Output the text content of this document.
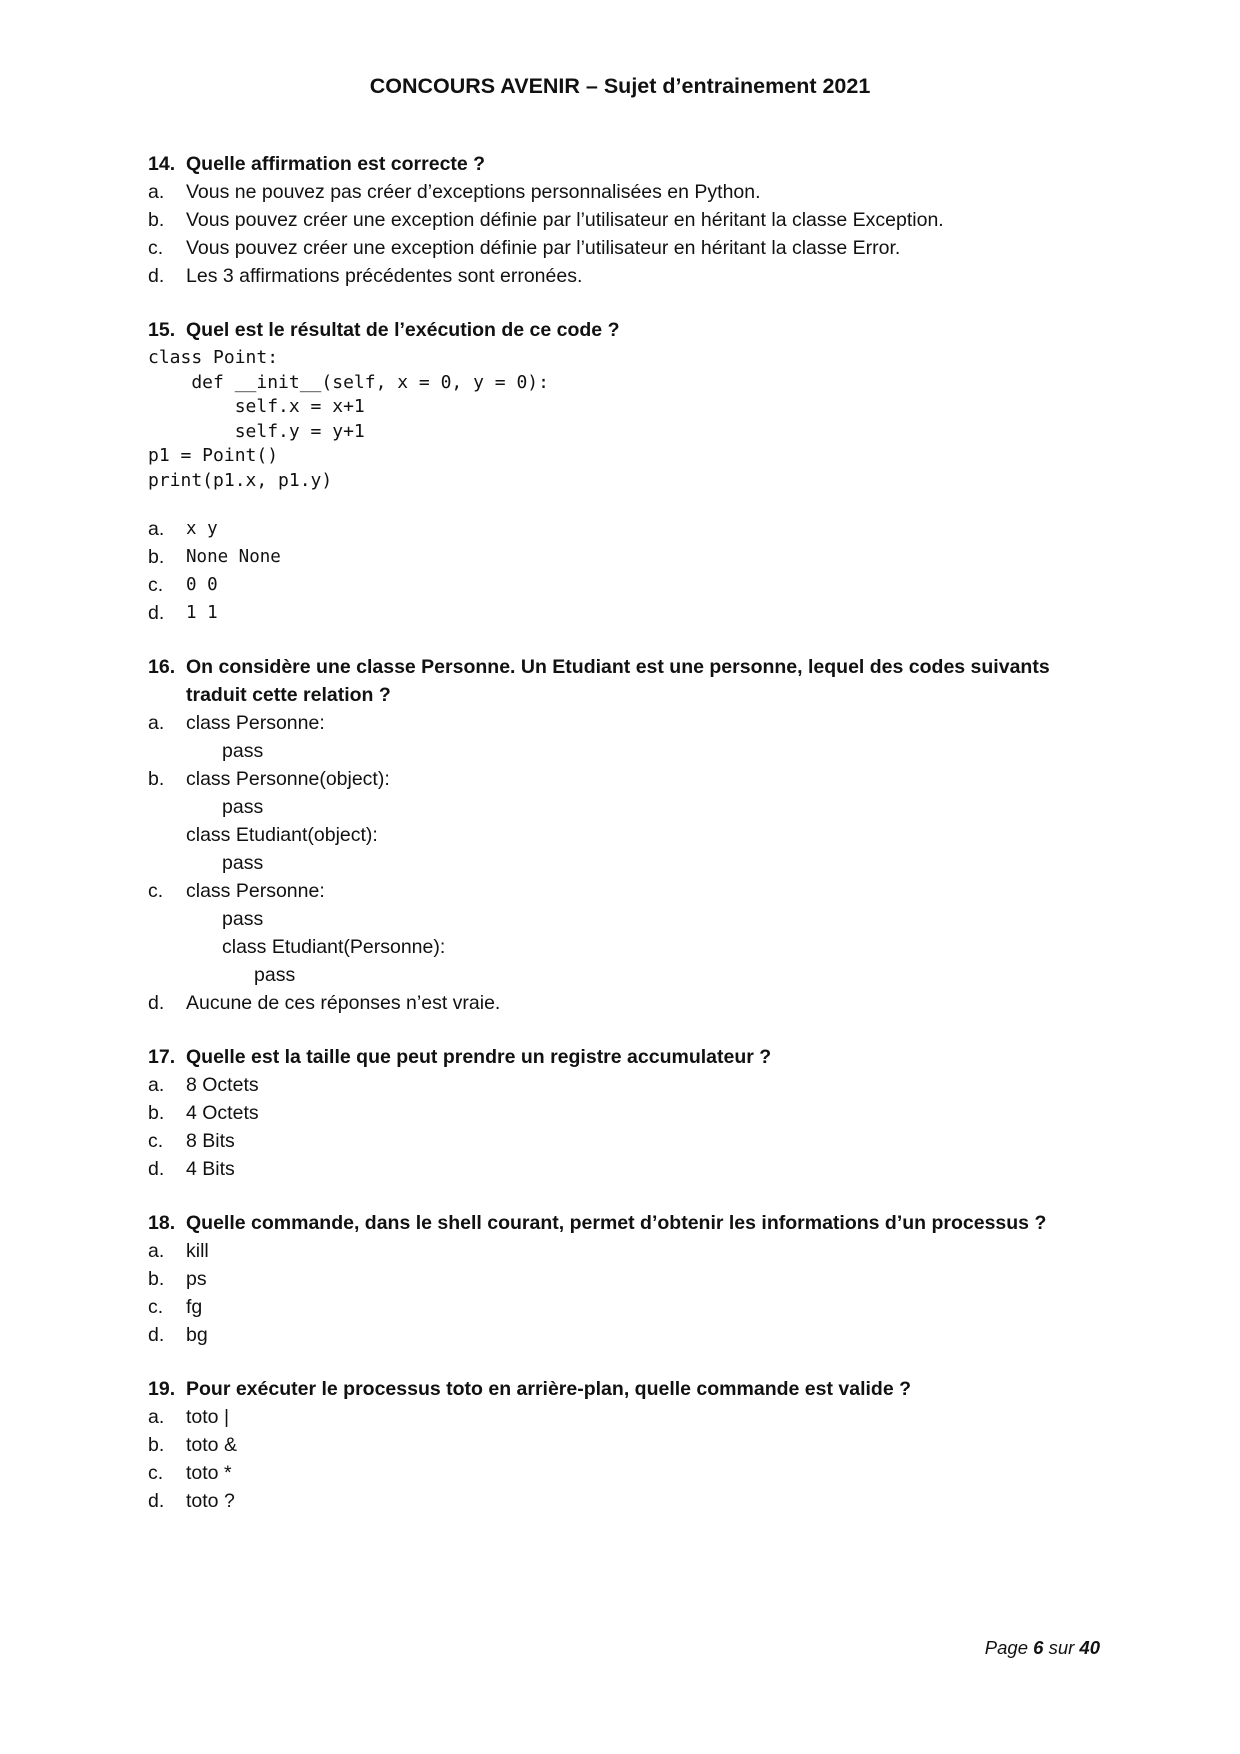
CONCOURS AVENIR – Sujet d’entrainement 2021
14. Quelle affirmation est correcte ?
a.	Vous ne pouvez pas créer d’exceptions personnalisées en Python.
b.	Vous pouvez créer une exception définie par l’utilisateur en héritant la classe Exception.
c.	Vous pouvez créer une exception définie par l’utilisateur en héritant la classe Error.
d.	Les 3 affirmations précédentes sont erronées.
15. Quel est le résultat de l’exécution de ce code ?
class Point:
def __init__(self, x = 0, y = 0):
self.x = x+1
self.y = y+1
p1 = Point()
print(p1.x, p1.y)
a.	x y
b.	None None
c.	0 0
d.	1 1
16. On considère une classe Personne. Un Etudiant est une personne, lequel des codes suivants traduit cette relation ?
a.	class Personne:
pass
b.	class Personne(object):
pass
class Etudiant(object):
pass
c.	class Personne:
pass
class Etudiant(Personne):
pass
d.	Aucune de ces réponses n’est vraie.
17. Quelle est la taille que peut prendre un registre accumulateur ?
a.	8 Octets
b.	4 Octets
c.	8 Bits
d.	4 Bits
18. Quelle commande, dans le shell courant, permet d’obtenir les informations d’un processus ?
a.	kill
b.	ps
c.	fg
d.	bg
19. Pour exécuter le processus toto en arrière-plan, quelle commande est valide ?
a.	toto |
b.	toto &
c.	toto *
d.	toto ?
Page 6 sur 40
